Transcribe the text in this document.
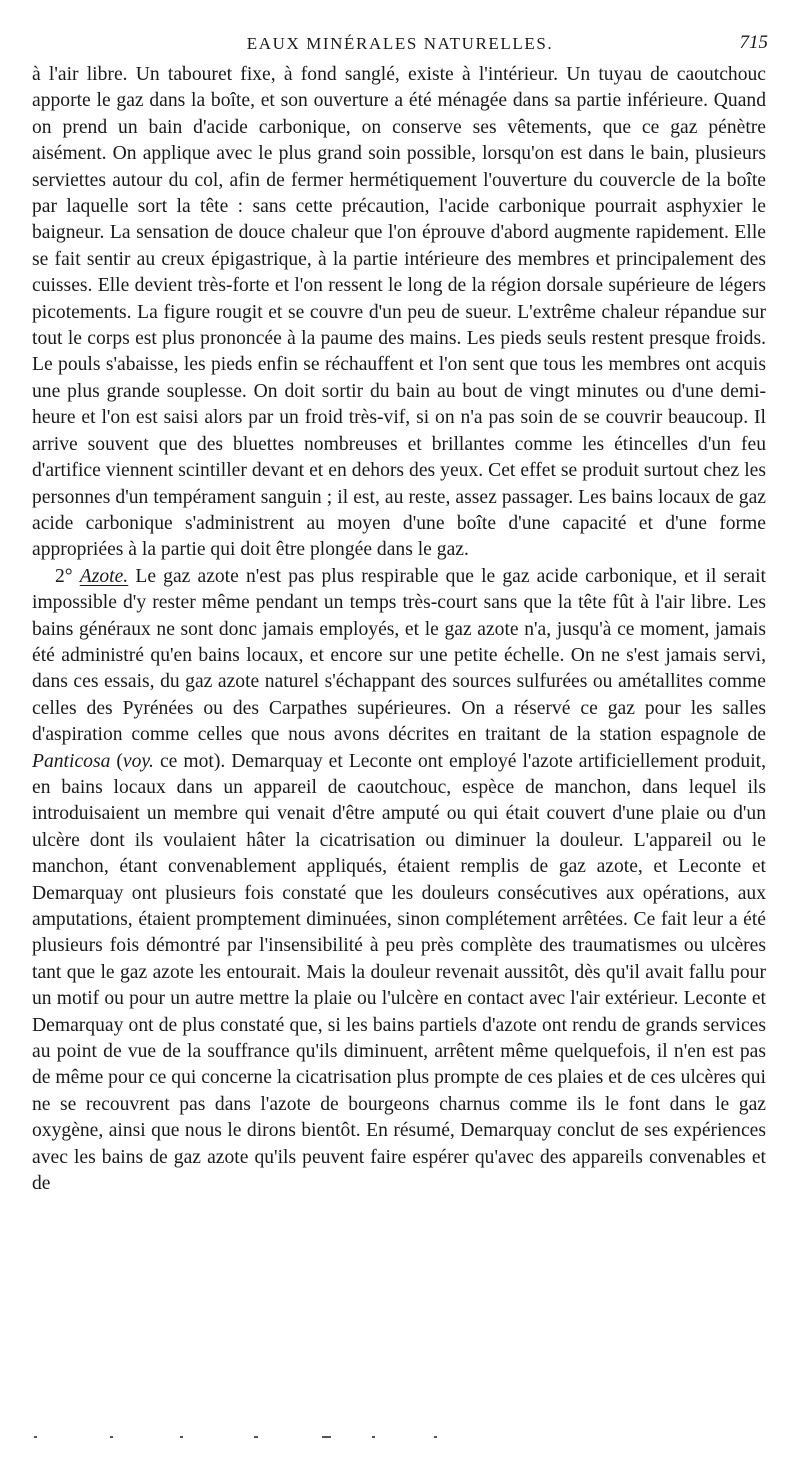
EAUX MINÉRALES NATURELLES.	715

à l'air libre. Un tabouret fixe, à fond sanglé, existe à l'intérieur. Un tuyau de caoutchouc apporte le gaz dans la boîte, et son ouverture a été ménagée dans sa partie inférieure. Quand on prend un bain d'acide carbonique, on conserve ses vêtements, que ce gaz pénètre aisément. On applique avec le plus grand soin possible, lorsqu'on est dans le bain, plusieurs serviettes autour du col, afin de fermer hermétiquement l'ouverture du couvercle de la boîte par laquelle sort la tête : sans cette précaution, l'acide carbonique pourrait asphyxier le baigneur. La sensation de douce chaleur que l'on éprouve d'abord augmente rapidement. Elle se fait sentir au creux épigastrique, à la partie intérieure des membres et principalement des cuisses. Elle devient très-forte et l'on ressent le long de la région dorsale supérieure de légers picotements. La figure rougit et se couvre d'un peu de sueur. L'extrême chaleur répandue sur tout le corps est plus prononcée à la paume des mains. Les pieds seuls restent presque froids. Le pouls s'abaisse, les pieds enfin se réchauffent et l'on sent que tous les membres ont acquis une plus grande souplesse. On doit sortir du bain au bout de vingt minutes ou d'une demi-heure et l'on est saisi alors par un froid très-vif, si on n'a pas soin de se couvrir beaucoup. Il arrive souvent que des bluettes nombreuses et brillantes comme les étincelles d'un feu d'artifice viennent scintiller devant et en dehors des yeux. Cet effet se produit surtout chez les personnes d'un tempérament sanguin ; il est, au reste, assez passager. Les bains locaux de gaz acide carbonique s'administrent au moyen d'une boîte d'une capacité et d'une forme appropriées à la partie qui doit être plongée dans le gaz.

2° Azote. Le gaz azote n'est pas plus respirable que le gaz acide carbonique, et il serait impossible d'y rester même pendant un temps très-court sans que la tête fût à l'air libre. Les bains généraux ne sont donc jamais employés, et le gaz azote n'a, jusqu'à ce moment, jamais été administré qu'en bains locaux, et encore sur une petite échelle. On ne s'est jamais servi, dans ces essais, du gaz azote naturel s'échappant des sources sulfurées ou amétallites comme celles des Pyrénées ou des Carpathes supérieures. On a réservé ce gaz pour les salles d'aspiration comme celles que nous avons décrites en traitant de la station espagnole de Panticosa (voy. ce mot). Demarquay et Leconte ont employé l'azote artificiellement produit, en bains locaux dans un appareil de caoutchouc, espèce de manchon, dans lequel ils introduisaient un membre qui venait d'être amputé ou qui était couvert d'une plaie ou d'un ulcère dont ils voulaient hâter la cicatrisation ou diminuer la douleur. L'appareil ou le manchon, étant convenablement appliqués, étaient remplis de gaz azote, et Leconte et Demarquay ont plusieurs fois constaté que les douleurs consécutives aux opérations, aux amputations, étaient promptement diminuées, sinon complétement arrêtées. Ce fait leur a été plusieurs fois démontré par l'insensibilité à peu près complète des traumatismes ou ulcères tant que le gaz azote les entourait. Mais la douleur revenait aussitôt, dès qu'il avait fallu pour un motif ou pour un autre mettre la plaie ou l'ulcère en contact avec l'air extérieur. Leconte et Demarquay ont de plus constaté que, si les bains partiels d'azote ont rendu de grands services au point de vue de la souffrance qu'ils diminuent, arrêtent même quelquefois, il n'en est pas de même pour ce qui concerne la cicatrisation plus prompte de ces plaies et de ces ulcères qui ne se recouvrent pas dans l'azote de bourgeons charnus comme ils le font dans le gaz oxygène, ainsi que nous le dirons bientôt. En résumé, Demarquay conclut de ses expériences avec les bains de gaz azote qu'ils peuvent faire espérer qu'avec des appareils convenables et de
